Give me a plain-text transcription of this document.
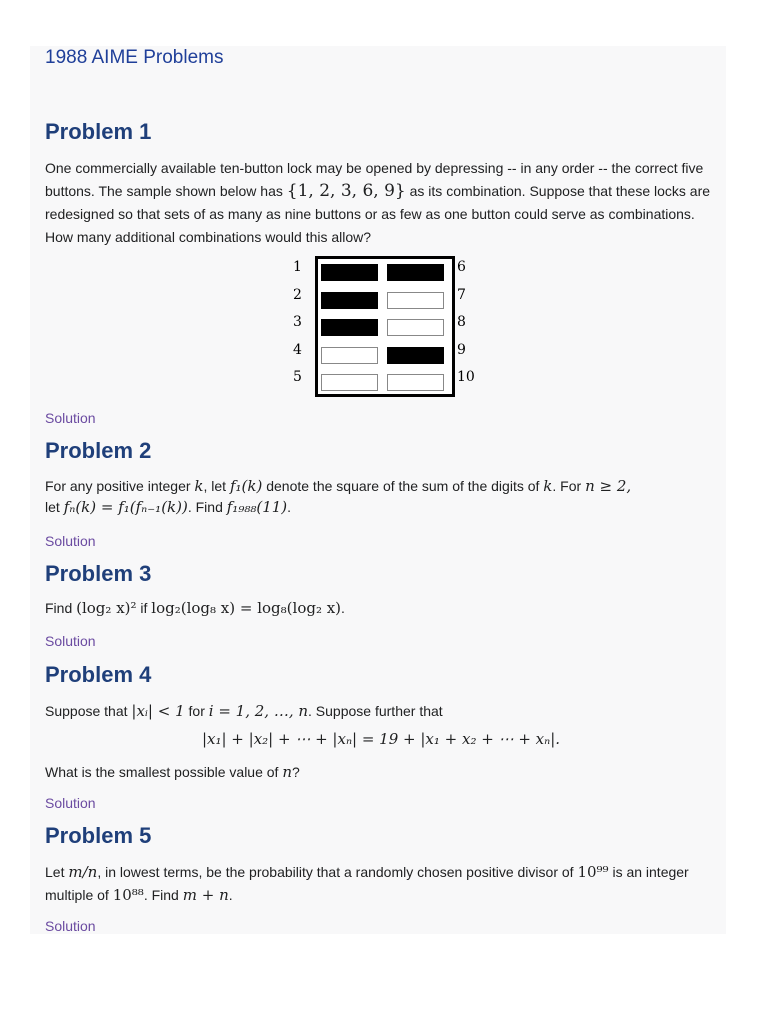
1988 AIME Problems
Problem 1
One commercially available ten-button lock may be opened by depressing -- in any order -- the correct five buttons. The sample shown below has {1, 2, 3, 6, 9} as its combination. Suppose that these locks are redesigned so that sets of as many as nine buttons or as few as one button could serve as combinations. How many additional combinations would this allow?
1	6
2	7
3	8
4	9
5	10
Solution
Problem 2
For any positive integer k, let f₁(k) denote the square of the sum of the digits of k. For n ≥ 2,
let fₙ(k) = f₁(fₙ₋₁(k)). Find f₁₉₈₈(11).
Solution
Problem 3
Find (log₂ x)² if log₂(log₈ x) = log₈(log₂ x).
Solution
Problem 4
Suppose that |xᵢ| < 1 for i = 1, 2, …, n. Suppose further that
|x₁| + |x₂| + ⋯ + |xₙ| = 19 + |x₁ + x₂ + ⋯ + xₙ|.
What is the smallest possible value of n?
Solution
Problem 5
Let m/n, in lowest terms, be the probability that a randomly chosen positive divisor of 10⁹⁹ is an integer multiple of 10⁸⁸. Find m + n.
Solution
